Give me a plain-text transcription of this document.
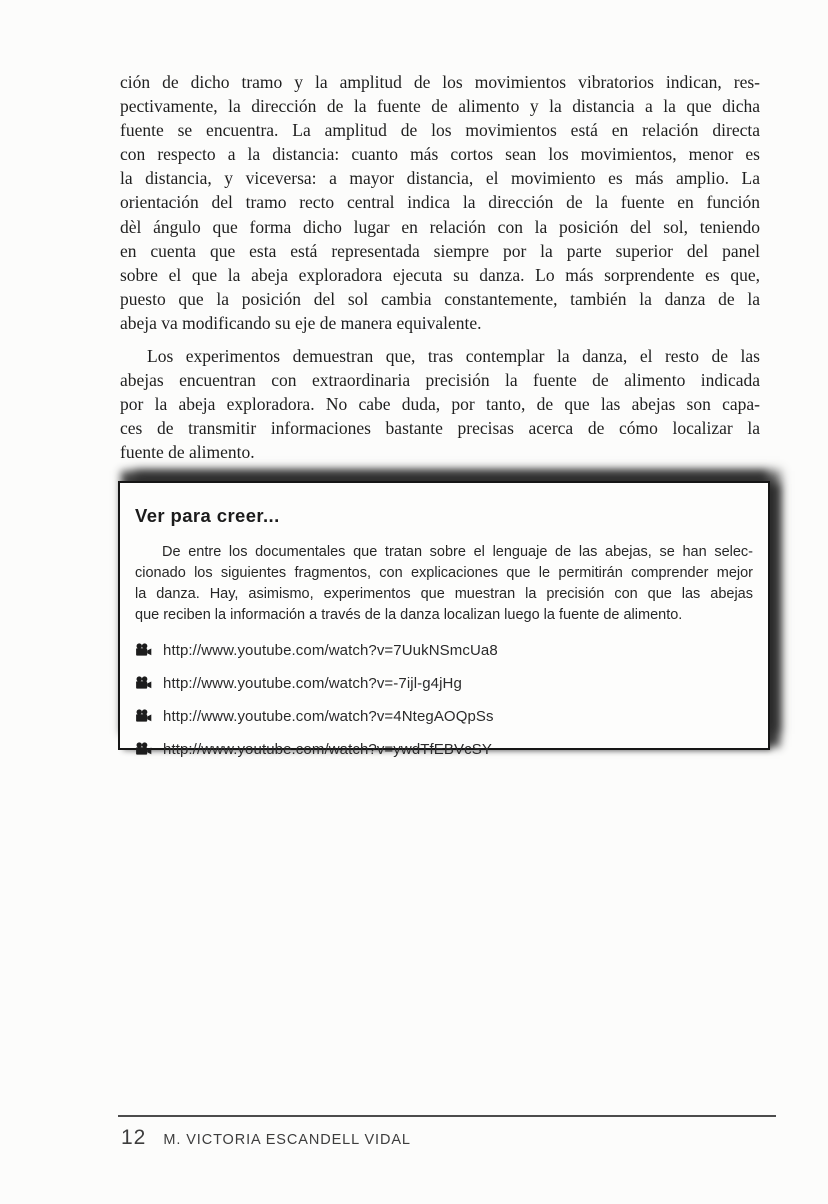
ción de dicho tramo y la amplitud de los movimientos vibratorios indican, res-
pectivamente, la dirección de la fuente de alimento y la distancia a la que dicha
fuente se encuentra. La amplitud de los movimientos está en relación directa
con respecto a la distancia: cuanto más cortos sean los movimientos, menor es
la distancia, y viceversa: a mayor distancia, el movimiento es más amplio. La
orientación del tramo recto central indica la dirección de la fuente en función
dèl ángulo que forma dicho lugar en relación con la posición del sol, teniendo
en cuenta que esta está representada siempre por la parte superior del panel
sobre el que la abeja exploradora ejecuta su danza. Lo más sorprendente es que,
puesto que la posición del sol cambia constantemente, también la danza de la
abeja va modificando su eje de manera equivalente.
Los experimentos demuestran que, tras contemplar la danza, el resto de las
abejas encuentran con extraordinaria precisión la fuente de alimento indicada
por la abeja exploradora. No cabe duda, por tanto, de que las abejas son capa-
ces de transmitir informaciones bastante precisas acerca de cómo localizar la
fuente de alimento.
Ver para creer...
De entre los documentales que tratan sobre el lenguaje de las abejas, se han selec-
cionado los siguientes fragmentos, con explicaciones que le permitirán comprender mejor
la danza. Hay, asimismo, experimentos que muestran la precisión con que las abejas
que reciben la información a través de la danza localizan luego la fuente de alimento.
http://www.youtube.com/watch?v=7UukNSmcUa8
http://www.youtube.com/watch?v=-7ijl-g4jHg
http://www.youtube.com/watch?v=4NtegAOQpSs
http://www.youtube.com/watch?v=ywdTfEBVcSY
12 M. VICTORIA ESCANDELL VIDAL
